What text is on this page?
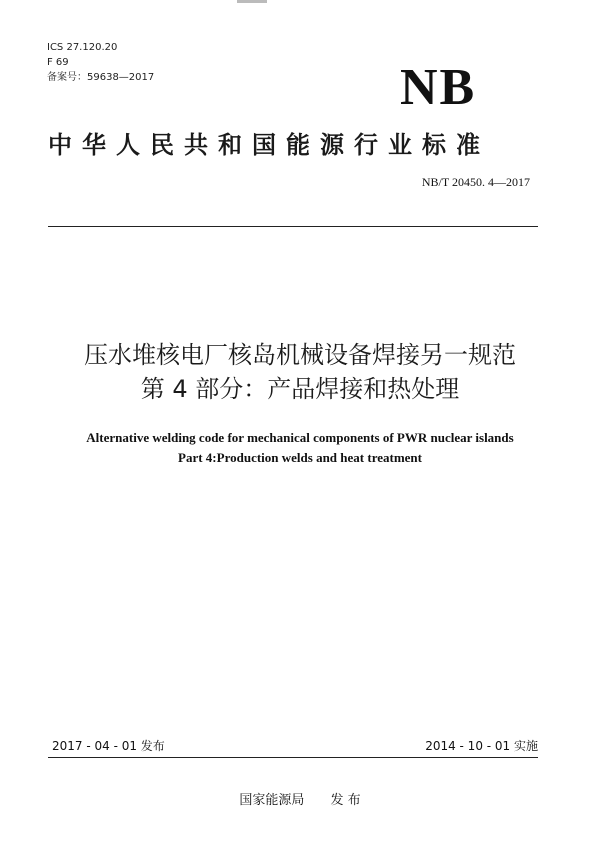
ICS 27.120.20
F 69
备案号：59638—2017	NB
中华人民共和国能源行业标准
NB/T 20450. 4—2017
压水堆核电厂核岛机械设备焊接另一规范
第 4 部分：产品焊接和热处理
Alternative welding code for mechanical components of PWR nuclear islands
Part 4:Production welds and heat treatment
2017 - 04 - 01 发布	2014 - 10 - 01 实施
国家能源局 发 布
